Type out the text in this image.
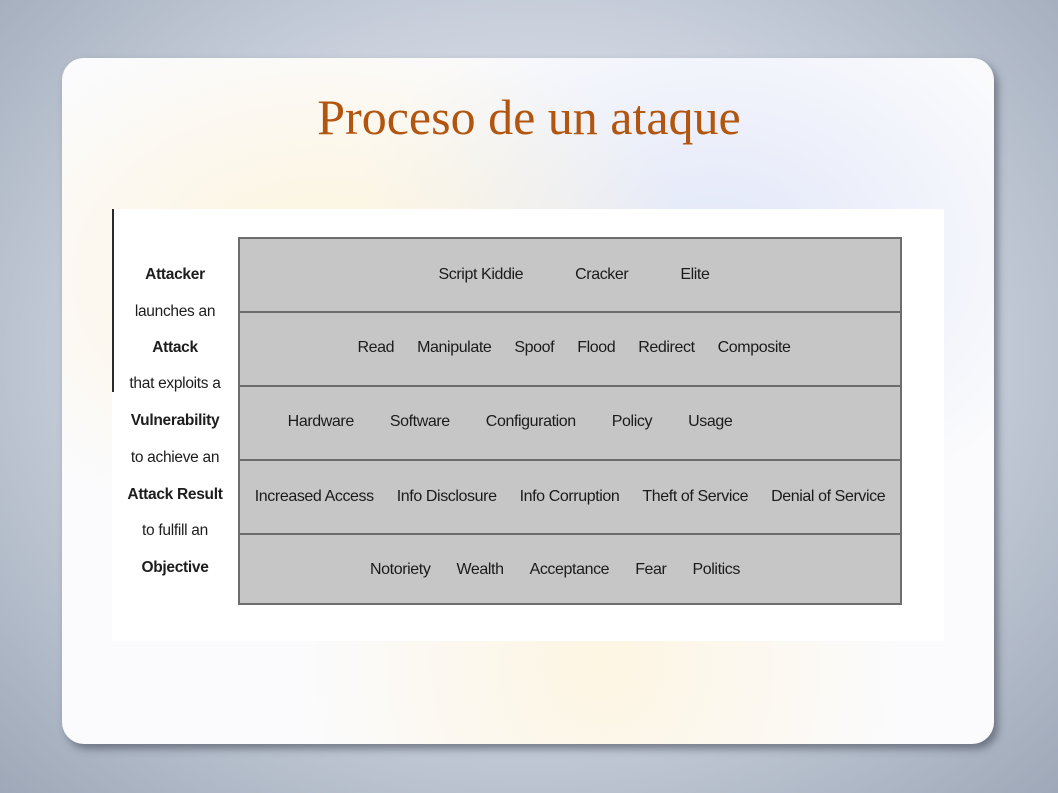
Proceso de un ataque
Attacker
launches an
Attack
that exploits a
Vulnerability
to achieve an
Attack Result
to fulfill an
Objective
Script Kiddie	Cracker	Elite
Read Manipulate Spoof Flood Redirect Composite
Hardware Software Configuration Policy Usage
Increased Access Info Disclosure Info Corruption Theft of Service Denial of Service
Notoriety Wealth Acceptance Fear Politics
